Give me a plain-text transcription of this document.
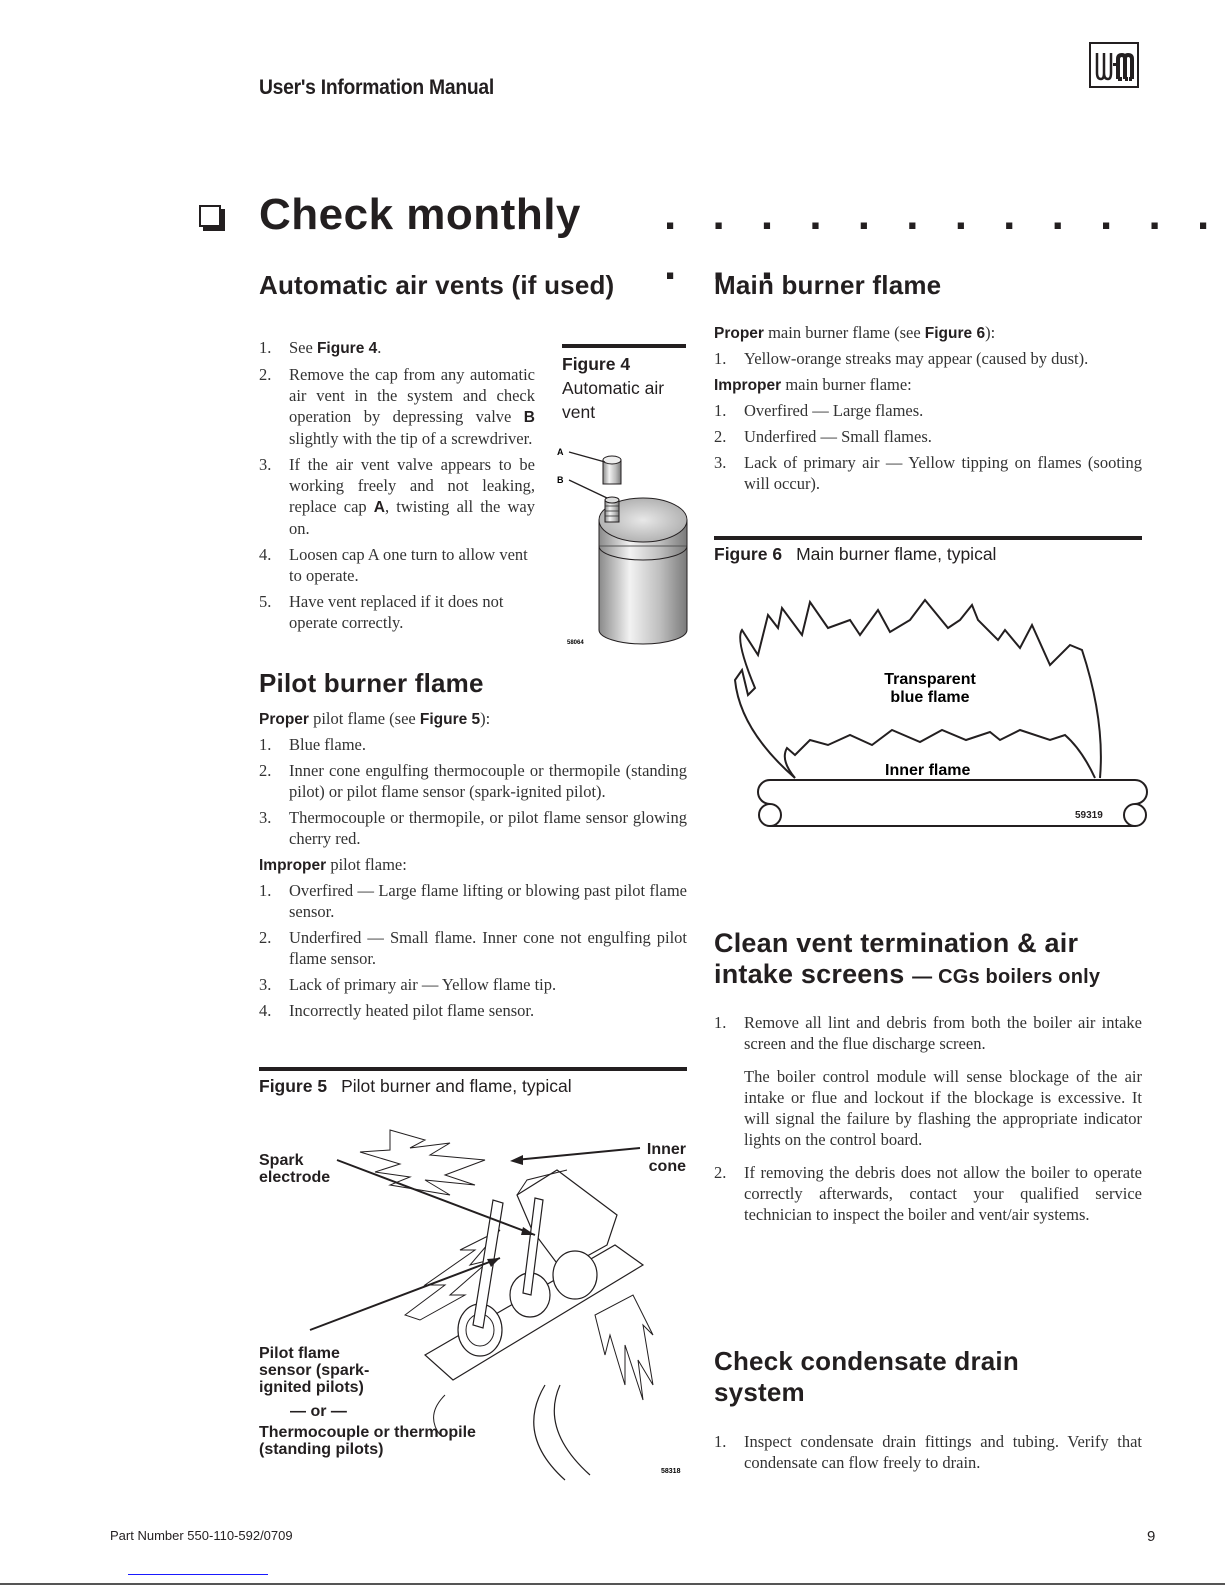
User's Information Manual
Check monthly . . . . . . . . . . . . . . .
Automatic air vents (if used)
1. See Figure 4.
2. Remove the cap from any automatic air vent in the system and check operation by depressing valve B slightly with the tip of a screwdriver.
3. If the air vent valve appears to be working freely and not leaking, replace cap A, twisting all the way on.
4. Loosen cap A one turn to allow vent to operate.
5. Have vent replaced if it does not operate correctly.
Figure 4
Automatic air vent
A
B
58064
Pilot burner flame
Proper pilot flame (see Figure 5):
1. Blue flame.
2. Inner cone engulfing thermocouple or thermopile (standing pilot) or pilot flame sensor (spark-ignited pilot).
3. Thermocouple or thermopile, or pilot flame sensor glowing cherry red.
Improper pilot flame:
1. Overfired — Large flame lifting or blowing past pilot flame sensor.
2. Underfired — Small flame. Inner cone not engulfing pilot flame sensor.
3. Lack of primary air — Yellow flame tip.
4. Incorrectly heated pilot flame sensor.
Figure 5 Pilot burner and flame, typical
58318
Spark electrode
Inner cone
Pilot flame sensor (spark-ignited pilots)
— or —
Thermocouple or thermopile (standing pilots)
Main burner flame
Proper main burner flame (see Figure 6):
1. Yellow-orange streaks may appear (caused by dust).
Improper main burner flame:
1. Overfired — Large flames.
2. Underfired — Small flames.
3. Lack of primary air — Yellow tipping on flames (sooting will occur).
Figure 6 Main burner flame, typical
Transparent blue flame
Inner flame
59319
Clean vent termination & air intake screens — CGs boilers only
1. Remove all lint and debris from both the boiler air intake screen and the flue discharge screen.
The boiler control module will sense blockage of the air intake or flue and lockout if the blockage is excessive. It will signal the failure by flashing the appropriate indicator lights on the control board.
2. If removing the debris does not allow the boiler to operate correctly afterwards, contact your qualified service technician to inspect the boiler and vent/air systems.
Check condensate drain system
1. Inspect condensate drain fittings and tubing. Verify that condensate can flow freely to drain.
Part Number 550-110-592/0709	9
